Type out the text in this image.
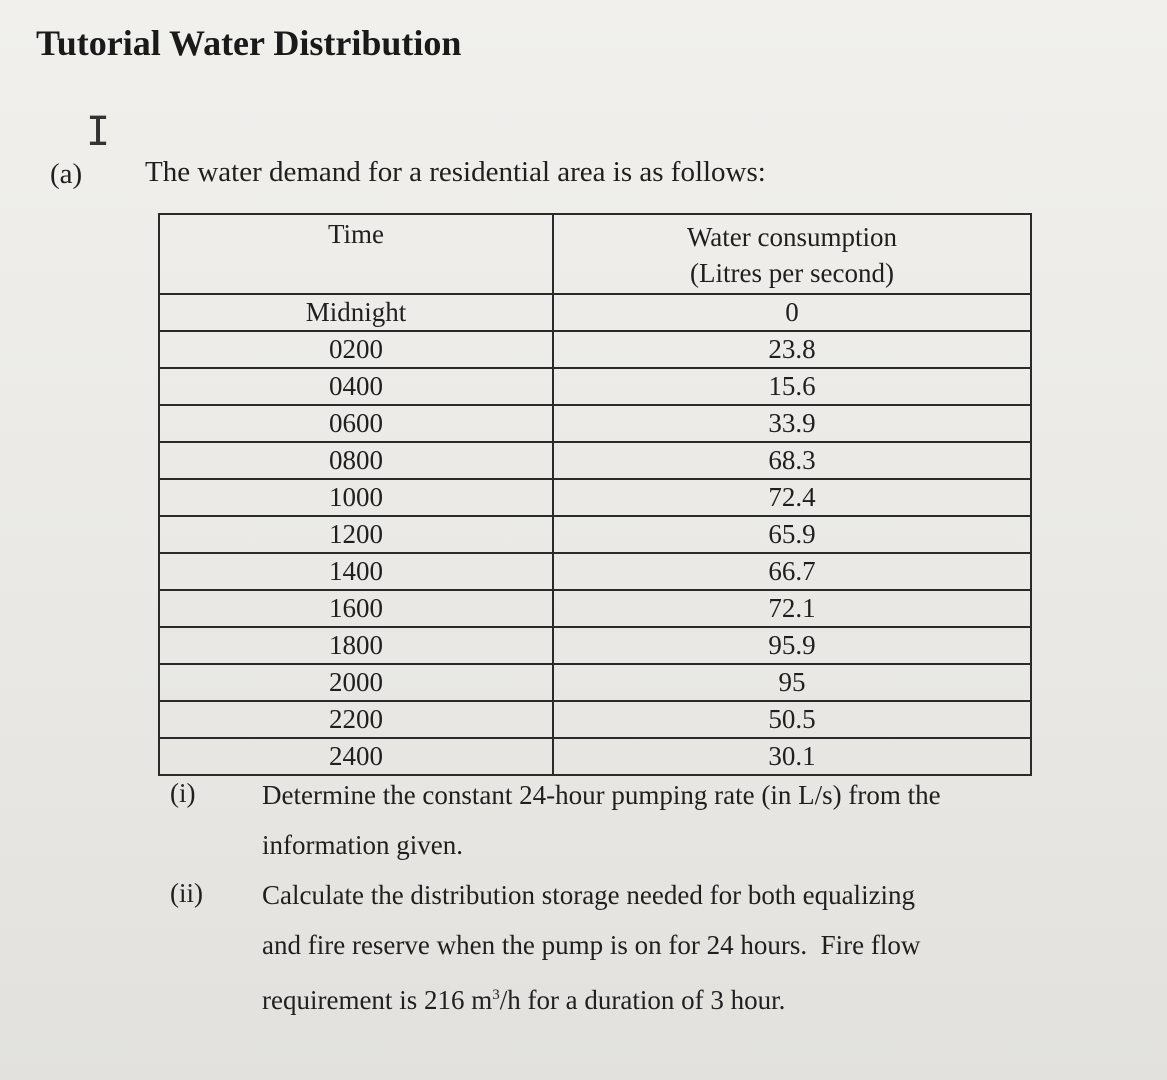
Tutorial Water Distribution
I
(a) The water demand for a residential area is as follows:
Time	Water consumption
(Litres per second)

Midnight	0
0200	23.8
0400	15.6
0600	33.9
0800	68.3
1000	72.4
1200	65.9
1400	66.7
1600	72.1
1800	95.9
2000	95
2200	50.5
2400	30.1
(i) Determine the constant 24-hour pumping rate (in L/s) from the
information given.
(ii) Calculate the distribution storage needed for both equalizing
and fire reserve when the pump is on for 24 hours.  Fire flow
requirement is 216 $m^3/h$ for a duration of 3 hour.
